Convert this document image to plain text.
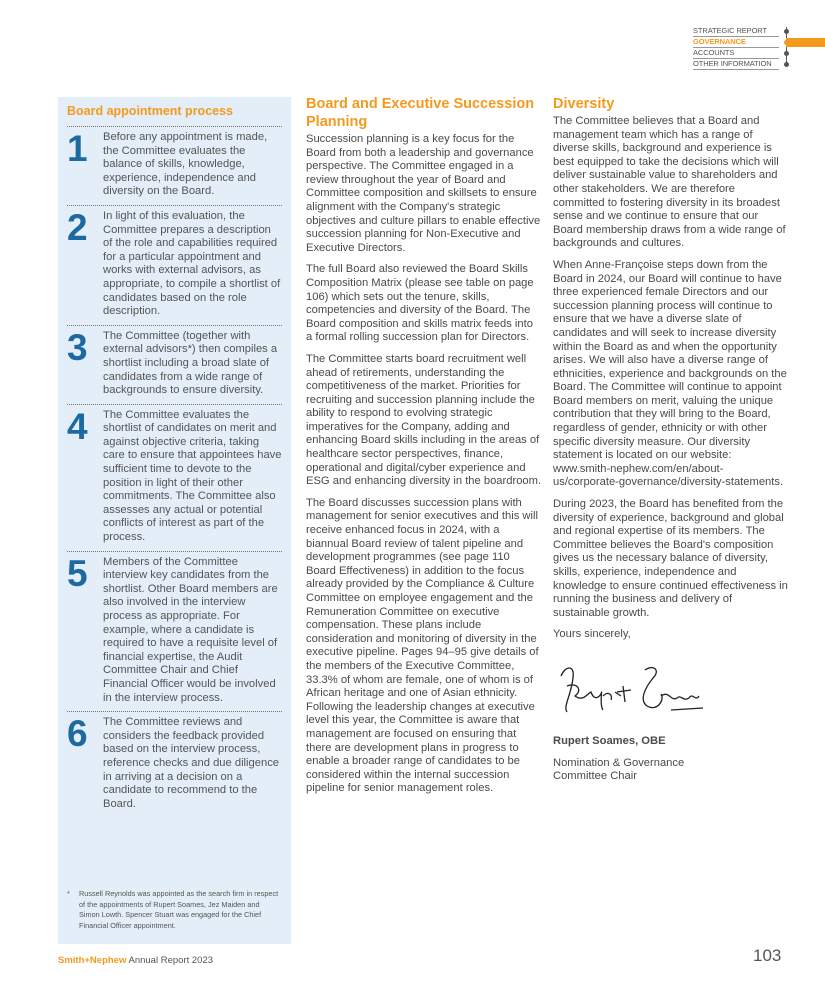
STRATEGIC REPORT
GOVERNANCE
ACCOUNTS
OTHER INFORMATION
Board appointment process
1	Before any appointment is made, the Committee evaluates the balance of skills, knowledge, experience, independence and diversity on the Board.

2	In light of this evaluation, the Committee prepares a description of the role and capabilities required for a particular appointment and works with external advisors, as appropriate, to compile a shortlist of candidates based on the role description.

3	The Committee (together with external advisors*) then compiles a shortlist including a broad slate of candidates from a wide range of backgrounds to ensure diversity.

4	The Committee evaluates the shortlist of candidates on merit and against objective criteria, taking care to ensure that appointees have sufficient time to devote to the position in light of their other commitments. The Committee also assesses any actual or potential conflicts of interest as part of the process.

5	Members of the Committee interview key candidates from the shortlist. Other Board members are also involved in the interview process as appropriate. For example, where a candidate is required to have a requisite level of financial expertise, the Audit Committee Chair and Chief Financial Officer would be involved in the interview process.

6	The Committee reviews and considers the feedback provided based on the interview process, reference checks and due diligence in arriving at a decision on a candidate to recommend to the Board.

* Russell Reynolds was appointed as the search firm in respect of the appointments of Rupert Soames, Jez Maiden and Simon Lowth. Spencer Stuart was engaged for the Chief Financial Officer appointment.
Board and Executive Succession Planning

Succession planning is a key focus for the Board from both a leadership and governance perspective. The Committee engaged in a review throughout the year of Board and Committee composition and skillsets to ensure alignment with the Company's strategic objectives and culture pillars to enable effective succession planning for Non-Executive and Executive Directors.

The full Board also reviewed the Board Skills Composition Matrix (please see table on page 106) which sets out the tenure, skills, competencies and diversity of the Board. The Board composition and skills matrix feeds into a formal rolling succession plan for Directors.

The Committee starts board recruitment well ahead of retirements, understanding the competitiveness of the market. Priorities for recruiting and succession planning include the ability to respond to evolving strategic imperatives for the Company, adding and enhancing Board skills including in the areas of healthcare sector perspectives, finance, operational and digital/cyber experience and ESG and enhancing diversity in the boardroom.

The Board discusses succession plans with management for senior executives and this will receive enhanced focus in 2024, with a biannual Board review of talent pipeline and development programmes (see page 110 Board Effectiveness) in addition to the focus already provided by the Compliance & Culture Committee on employee engagement and the Remuneration Committee on executive compensation. These plans include consideration and monitoring of diversity in the executive pipeline. Pages 94–95 give details of the members of the Executive Committee, 33.3% of whom are female, one of whom is of African heritage and one of Asian ethnicity. Following the leadership changes at executive level this year, the Committee is aware that management are focused on ensuring that there are development plans in progress to enable a broader range of candidates to be considered within the internal succession pipeline for senior management roles.

Diversity

The Committee believes that a Board and management team which has a range of diverse skills, background and experience is best equipped to take the decisions which will deliver sustainable value to shareholders and other stakeholders. We are therefore committed to fostering diversity in its broadest sense and we continue to ensure that our Board membership draws from a wide range of backgrounds and cultures.

When Anne-Françoise steps down from the Board in 2024, our Board will continue to have three experienced female Directors and our succession planning process will continue to ensure that we have a diverse slate of candidates and will seek to increase diversity within the Board as and when the opportunity arises. We will also have a diverse range of ethnicities, experience and backgrounds on the Board. The Committee will continue to appoint Board members on merit, valuing the unique contribution that they will bring to the Board, regardless of gender, ethnicity or with other specific diversity measure. Our diversity statement is located on our website: www.smith-nephew.com/en/about-us/corporate-governance/diversity-statements.

During 2023, the Board has benefited from the diversity of experience, background and global and regional expertise of its members. The Committee believes the Board's composition gives us the necessary balance of diversity, skills, experience, independence and knowledge to ensure continued effectiveness in running the business and delivery of sustainable growth.

Yours sincerely,

Rupert Soames, OBE

Nomination & Governance Committee Chair

Smith+Nephew Annual Report 2023	103
